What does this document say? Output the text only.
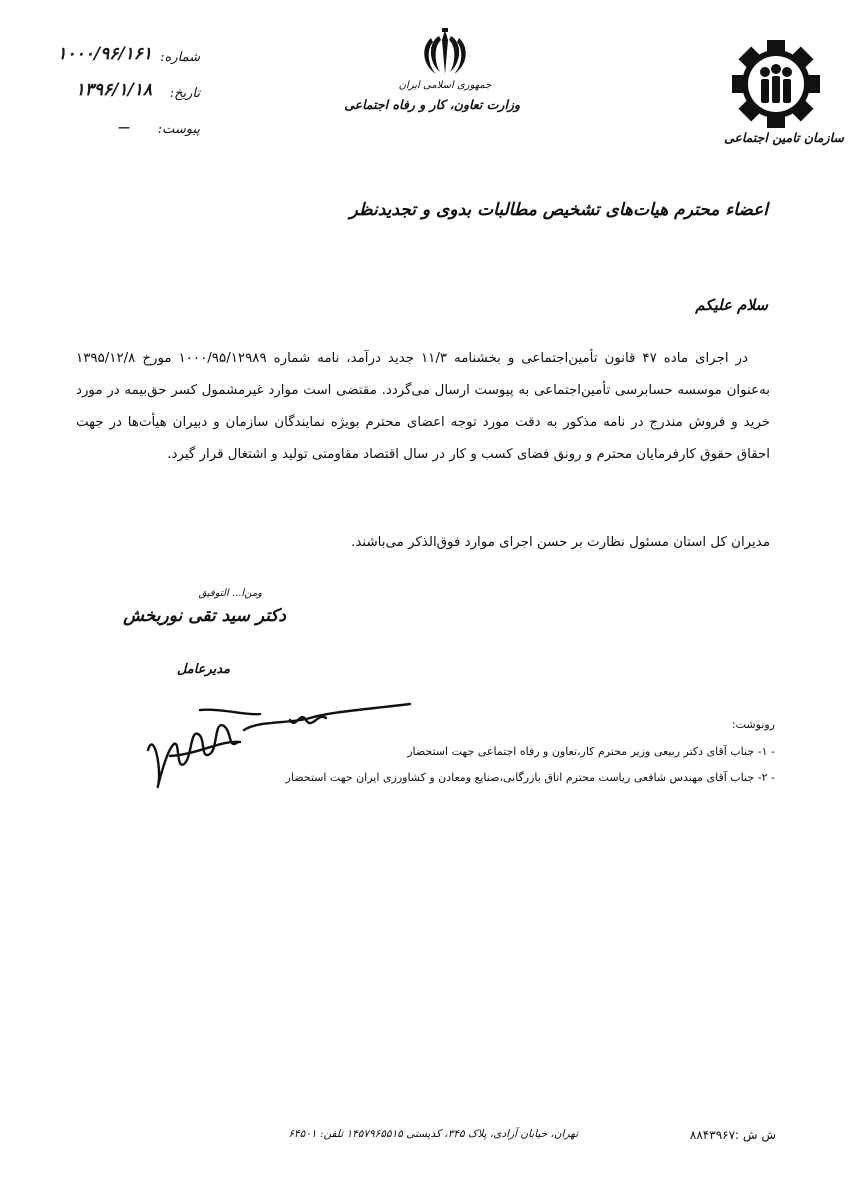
سازمان تامین اجتماعی
جمهوری اسلامی ایران
وزارت تعاون، کار و رفاه اجتماعی
شماره:
۱۰۰۰/۹۶/۱۶۱
تاریخ:
۱۳۹۶/۱/۱۸
پیوست:
—
اعضاء محترم هیات‌های تشخیص مطالبات بدوی و تجدیدنظر
سلام علیکم

در اجرای ماده ۴۷ قانون تأمین‌اجتماعی و بخشنامه ۱۱/۳ جدید درآمد، نامه شماره ۱۰۰۰/۹۵/۱۲۹۸۹ مورخ ۱۳۹۵/۱۲/۸ به‌عنوان موسسه حسابرسی تأمین‌اجتماعی به پیوست ارسال می‌گردد. مقتضی است موارد غیرمشمول کسر حق‌بیمه در مورد خرید و فروش مندرج در نامه مذکور به دقت مورد توجه اعضای محترم بویژه نمایندگان سازمان و دبیران هیأت‌ها در جهت احقاق حقوق کارفرمایان محترم و رونق فضای کسب و کار در سال اقتصاد مقاومتی تولید و اشتغال قرار گیرد.

مدیران کل استان مسئول نظارت بر حسن اجرای موارد فوق‌الذکر می‌باشند.
ومن‌ا... التوفیق
دکتر سید تقی نوربخش
مدیرعامل
رونوشت:
- ۱- جناب آقای دکتر ربیعی وزیر محترم کار،تعاون و رفاه اجتماعی جهت استحضار
- ۲- جناب آقای مهندس شافعی ریاست محترم اتاق بازرگانی،صنایع ومعادن و کشاورزی ایران جهت استحضار
تهران، خیابان آزادی، پلاک ۳۴۵، کدپستی ۱۴۵۷۹۶۵۵۱۵ تلفن: ۶۴۵۰۱	ش ش :۸۸۴۳۹۶۷
